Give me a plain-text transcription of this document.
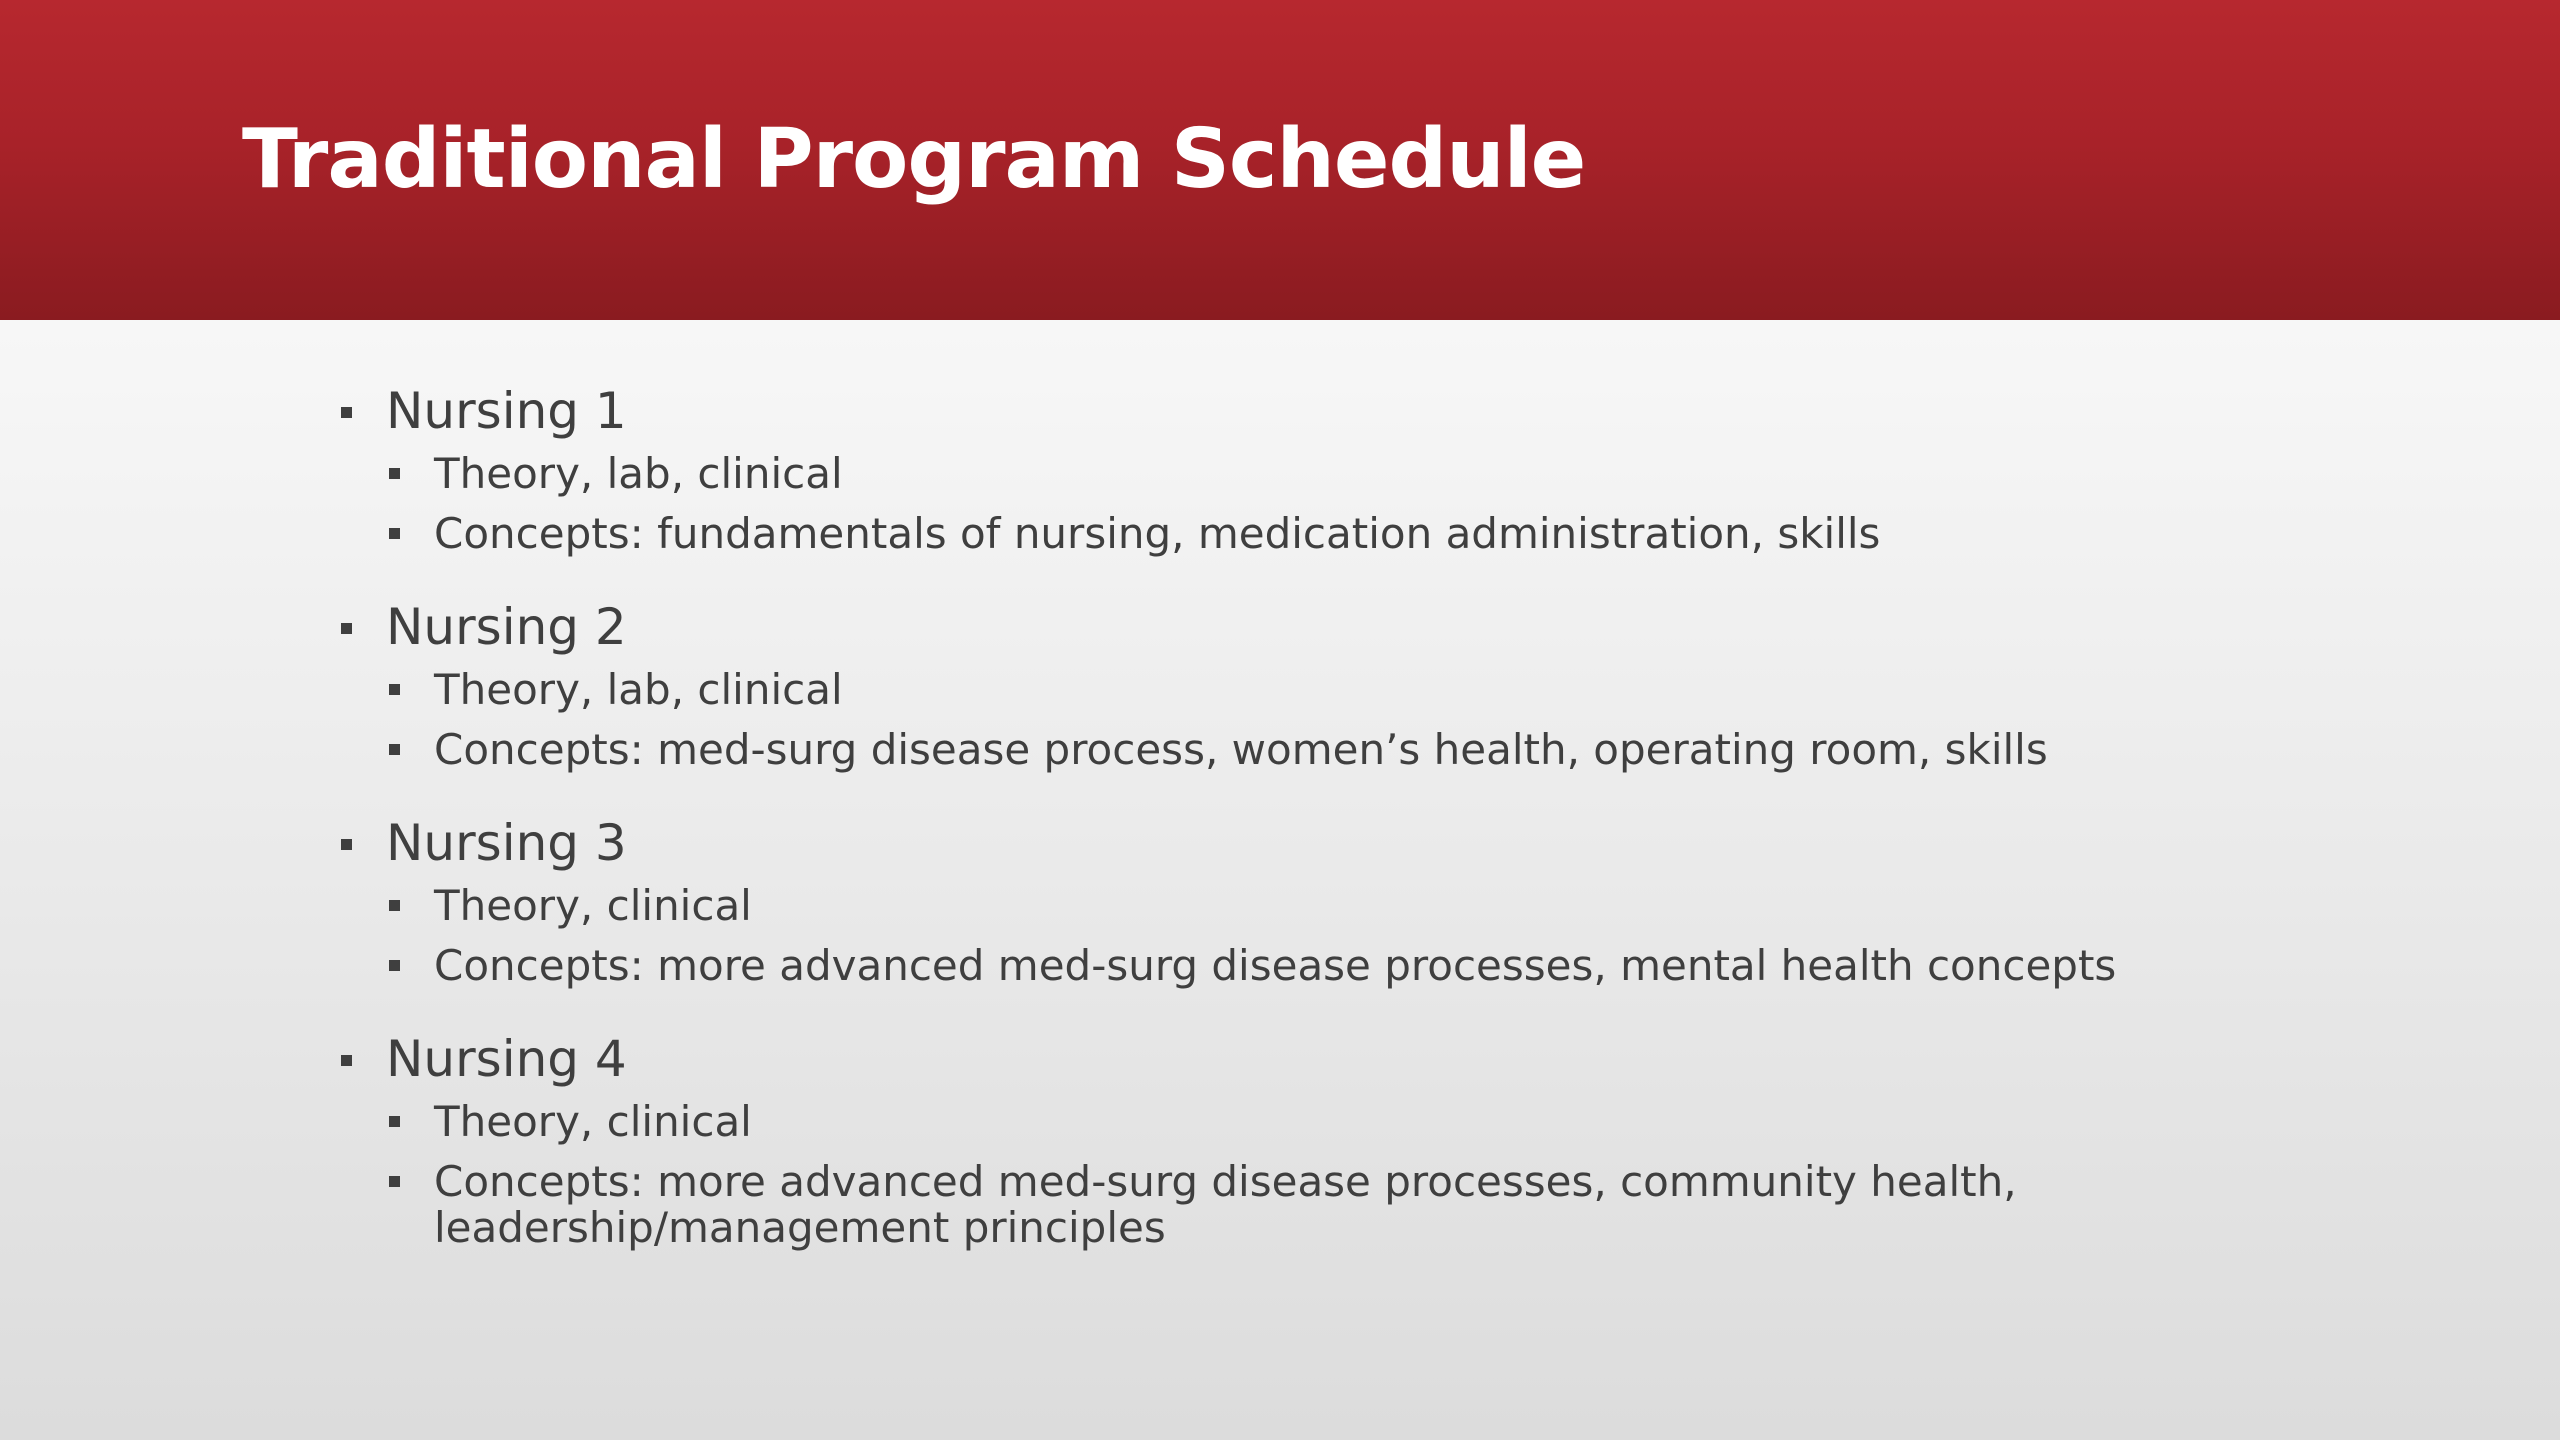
Traditional Program Schedule
Nursing 1
Theory, lab, clinical
Concepts: fundamentals of nursing, medication administration, skills
Nursing 2
Theory, lab, clinical
Concepts: med-surg disease process, women’s health, operating room, skills
Nursing 3
Theory, clinical
Concepts: more advanced med-surg disease processes, mental health concepts
Nursing 4
Theory, clinical
Concepts: more advanced med-surg disease processes, community health, leadership/management principles
